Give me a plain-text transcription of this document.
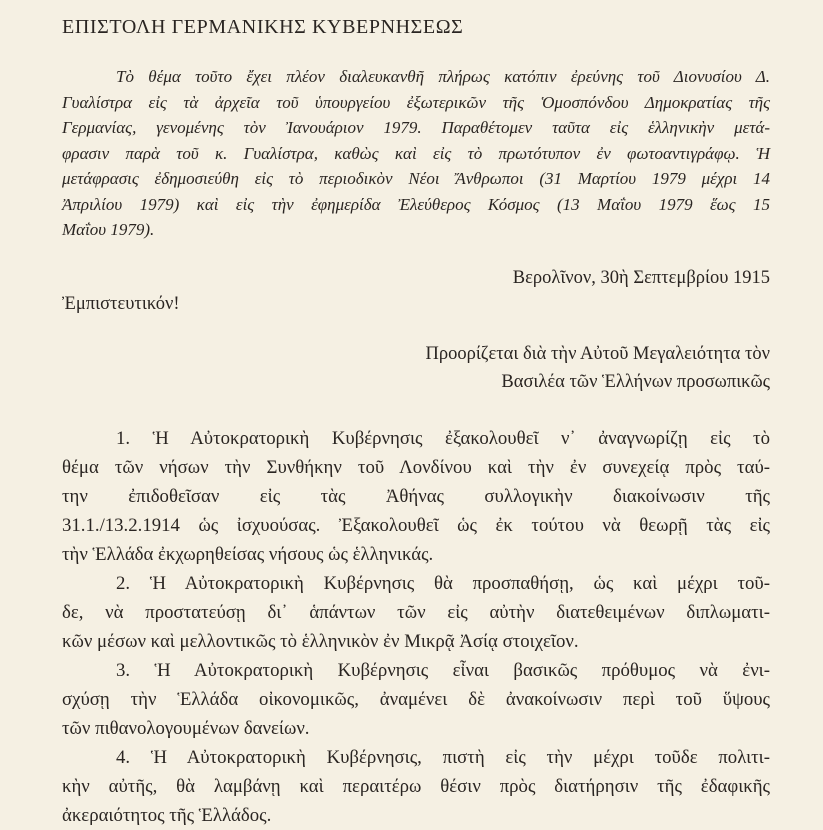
ΕΠΙΣΤΟΛΗ ΓΕΡΜΑΝΙΚΗΣ ΚΥΒΕΡΝΗΣΕΩΣ
Τὸ θέμα τοῦτο ἔχει πλέον διαλευκανθῆ πλήρως κατόπιν ἐρεύνης τοῦ Διονυσίου Δ.
Γυαλίστρα εἰς τὰ ἀρχεῖα τοῦ ὑπουργείου ἐξωτερικῶν τῆς Ὁμοσπόνδου Δημοκρατίας τῆς
Γερμανίας, γενομένης τὸν Ἰανουάριον 1979. Παραθέτομεν ταῦτα εἰς ἑλληνικὴν μετά-
φρασιν παρὰ τοῦ κ. Γυαλίστρα, καθὼς καὶ εἰς τὸ πρωτότυπον ἐν φωτοαντιγράφῳ. Ἡ
μετάφρασις ἐδημοσιεύθη εἰς τὸ περιοδικὸν Νέοι Ἄνθρωποι (31 Μαρτίου 1979 μέχρι 14
Ἀπριλίου 1979) καὶ εἰς τὴν ἐφημερίδα Ἐλεύθερος Κόσμος (13 Μαΐου 1979 ἕως 15
Μαΐου 1979).
Βερολῖνον, 30ὴ Σεπτεμβρίου 1915
Ἐμπιστευτικόν!
Προορίζεται διὰ τὴν Αὐτοῦ Μεγαλειότητα τὸν
Βασιλέα τῶν Ἑλλήνων προσωπικῶς
1. Ἡ Αὐτοκρατορικὴ Κυβέρνησις ἐξακολουθεῖ ν᾿ ἀναγνωρίζῃ εἰς τὸ
θέμα τῶν νήσων τὴν Συνθήκην τοῦ Λονδίνου καὶ τὴν ἐν συνεχείᾳ πρὸς ταύ-
την ἐπιδοθεῖσαν εἰς τὰς Ἀθήνας συλλογικὴν διακοίνωσιν τῆς
31.1./13.2.1914 ὡς ἰσχυούσας. Ἐξακολουθεῖ ὡς ἐκ τούτου νὰ θεωρῇ τὰς εἰς
τὴν Ἑλλάδα ἐκχωρηθείσας νήσους ὡς ἑλληνικάς.
2. Ἡ Αὐτοκρατορικὴ Κυβέρνησις θὰ προσπαθήσῃ, ὡς καὶ μέχρι τοῦ-
δε, νὰ προστατεύσῃ δι᾿ ἁπάντων τῶν εἰς αὐτὴν διατεθειμένων διπλωματι-
κῶν μέσων καὶ μελλοντικῶς τὸ ἑλληνικὸν ἐν Μικρᾷ Ἀσίᾳ στοιχεῖον.
3. Ἡ Αὐτοκρατορικὴ Κυβέρνησις εἶναι βασικῶς πρόθυμος νὰ ἐνι-
σχύσῃ τὴν Ἑλλάδα οἰκονομικῶς, ἀναμένει δὲ ἀνακοίνωσιν περὶ τοῦ ὕψους
τῶν πιθανολογουμένων δανείων.
4. Ἡ Αὐτοκρατορικὴ Κυβέρνησις, πιστὴ εἰς τὴν μέχρι τοῦδε πολιτι-
κὴν αὐτῆς, θὰ λαμβάνῃ καὶ περαιτέρω θέσιν πρὸς διατήρησιν τῆς ἐδαφικῆς
ἀκεραιότητος τῆς Ἑλλάδος.
